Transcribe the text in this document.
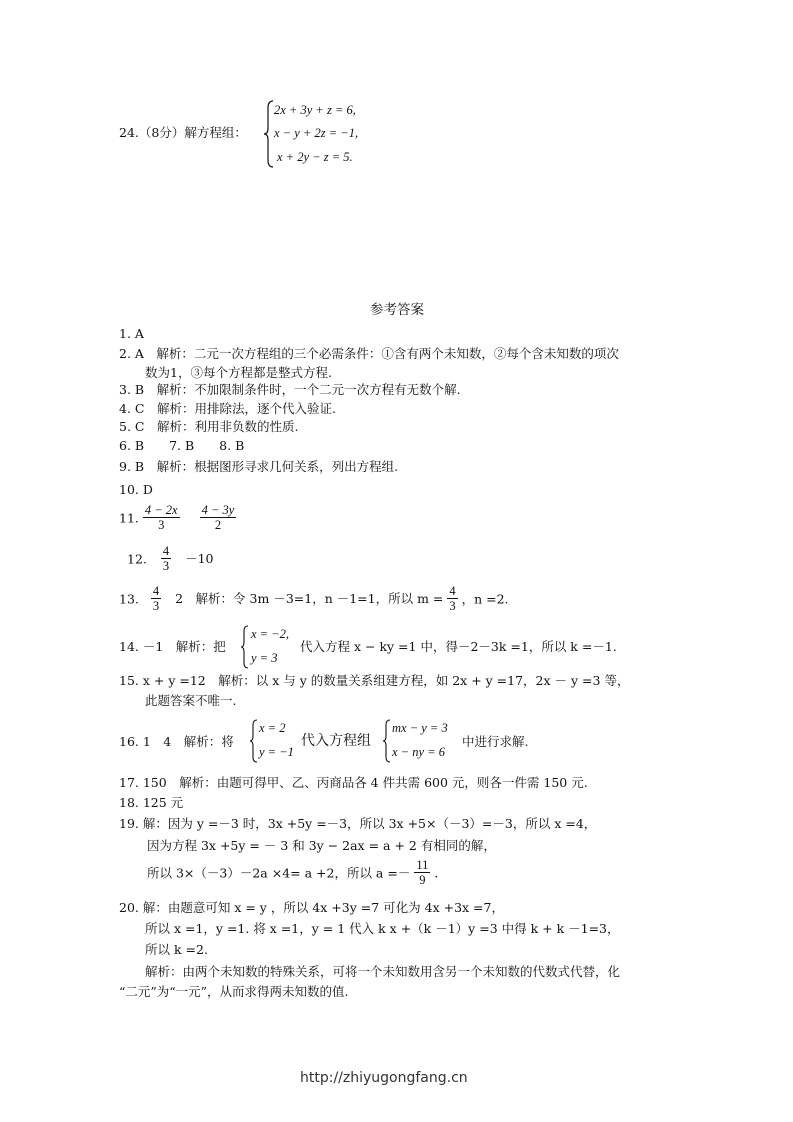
24.（8分）解方程组：
2x + 3y + z = 6,
x − y + 2z = −1,
x + 2y − z = 5.
参考答案
1. A
2. A　解析：二元一次方程组的三个必需条件：①含有两个未知数，②每个含未知数的项次
数为1，③每个方程都是整式方程.
3. B　解析：不加限制条件时，一个二元一次方程有无数个解.
4. C　解析：用排除法，逐个代入验证.
5. C　解析：利用非负数的性质.
6. B　　7. B　　8. B
9. B　解析：根据图形寻求几何关系，列出方程组.
10. D
11. $\frac{4 - 2x}{3}$
$\frac{4 - 3y}{2}$
12. $\frac{4}{3} -10$
13. $\frac{4}{3} 2$　解析：令 3m －3=1，n －1=1，所以 $m = \frac{4}{3}$ ，n =2.
14. －1　解析：把
x = −2,
y = 3
代入方程 x − ky =1 中，得－2－3k =1，所以 k =－1.
15. x + y =12　解析：以 x 与 y 的数量关系组建方程，如 2x + y =17，2x － y =3 等，
此题答案不唯一.
16. 1　4　解析：将
x = 2
y = −1
代入方程组
mx − y = 3
x − ny = 6
中进行求解.
17. 150　解析：由题可得甲、乙、丙商品各 4 件共需 600 元，则各一件需 150 元.
18. 125 元
19. 解：因为 y =－3 时，3x +5y =－3，所以 3x +5×（－3）=－3，所以 x =4，
因为方程 3x +5y = － 3 和 3y − 2ax = a + 2 有相同的解，
所以 3×（－3）－2a ×4= a +2，所以 $a =- \frac{11}{9}$ .
20. 解：由题意可知 x = y ，所以 4x +3y =7 可化为 4x +3x =7，
所以 x =1，y =1. 将 x =1，y = 1 代入 k x +（k －1）y =3 中得 k + k －1=3，
所以 k =2.
解析：由两个未知数的特殊关系，可将一个未知数用含另一个未知数的代数式代替，化
“二元”为“一元”，从而求得两未知数的值.
http://zhiyugongfang.cn
